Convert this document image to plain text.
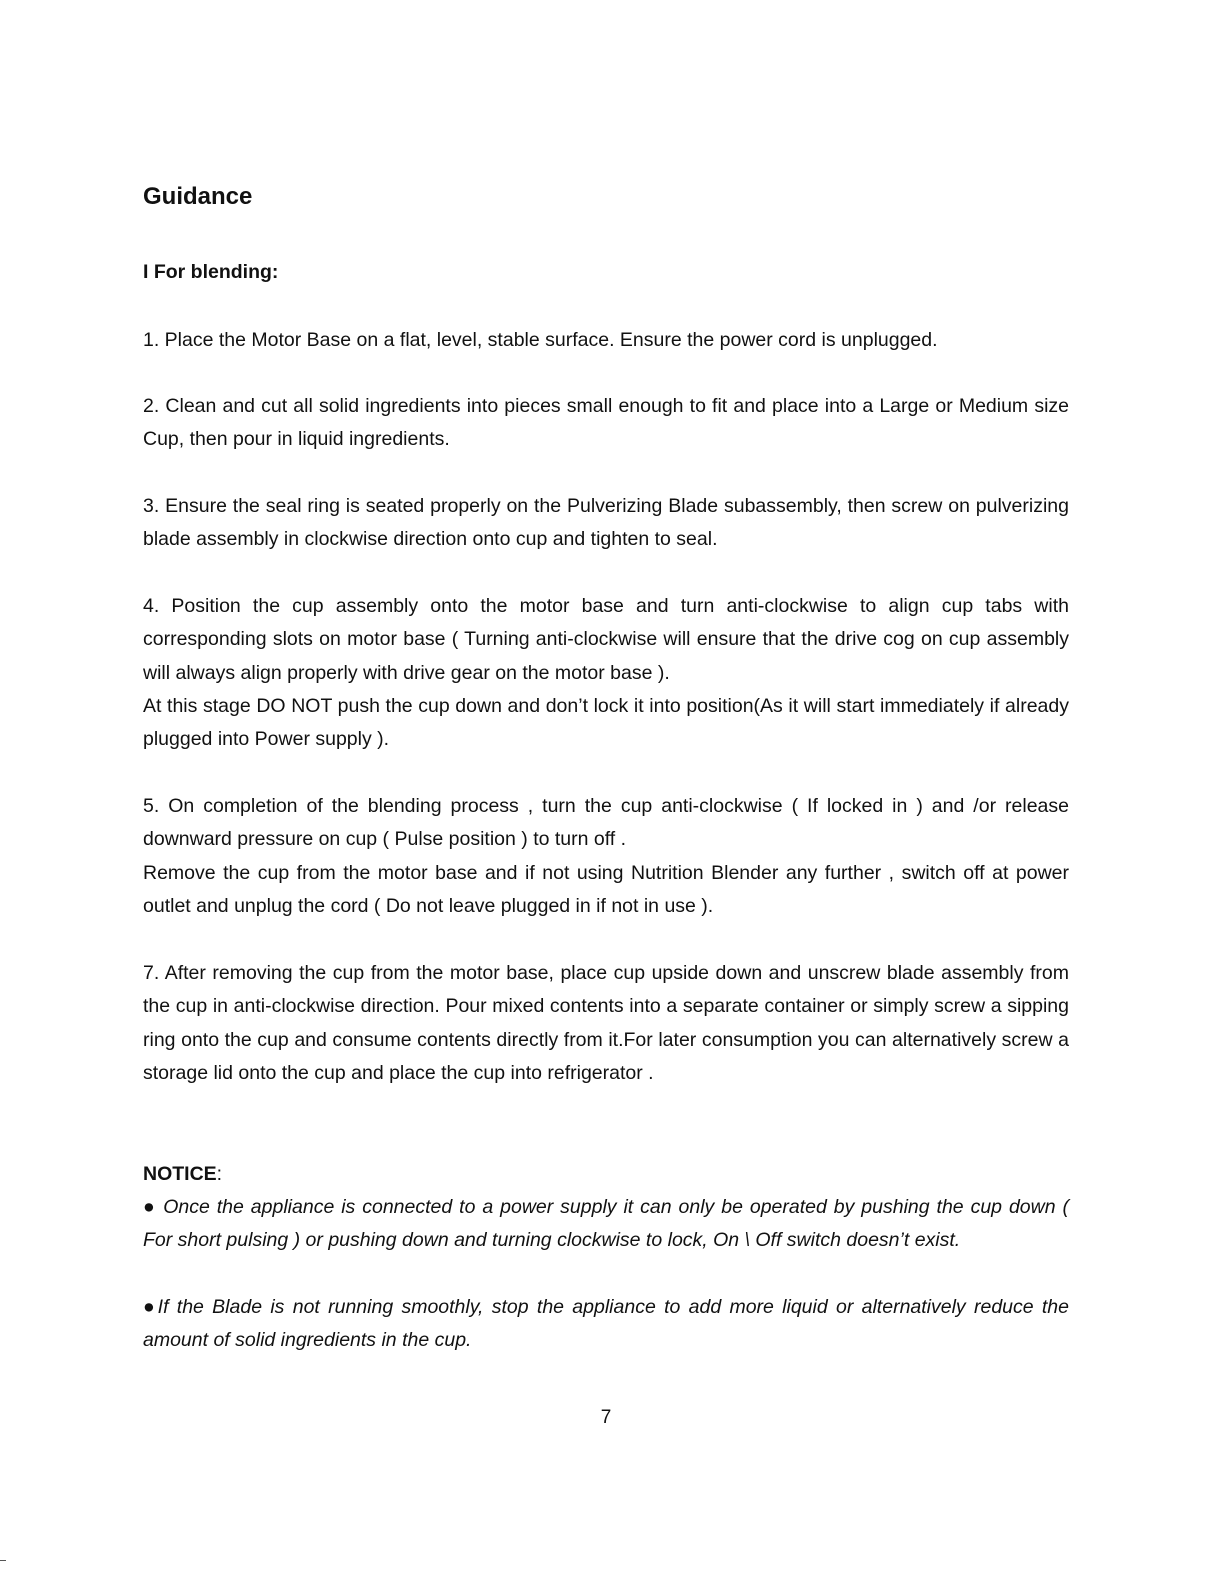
Guidance
I For blending:

1. Place the Motor Base on a flat, level, stable surface. Ensure the power cord is unplugged.

2. Clean and cut all solid ingredients into pieces small enough to fit and place into a Large or Medium size Cup, then pour in liquid ingredients.

3. Ensure the seal ring is seated properly on the Pulverizing Blade subassembly, then screw on pulverizing blade assembly in clockwise direction onto cup and tighten to seal.

4. Position the cup assembly onto the motor base and turn anti-clockwise to align cup tabs with corresponding slots on motor base ( Turning anti-clockwise will ensure that the drive cog on cup assembly will always align properly with drive gear on the motor base ).

At this stage DO NOT push the cup down and don’t lock it into position(As it will start immediately if already plugged into Power supply ).

5. On completion of the blending process , turn the cup anti-clockwise ( If locked in ) and /or release downward pressure on cup ( Pulse position ) to turn off .

Remove the cup from the motor base and if not using Nutrition Blender any further , switch off at power outlet and unplug the cord ( Do not leave plugged in if not in use ).

7. After removing the cup from the motor base, place cup upside down and unscrew blade assembly from the cup in anti-clockwise direction. Pour mixed contents into a separate container or simply screw a sipping ring onto the cup and consume contents directly from it.For later consumption you can alternatively screw a storage lid onto the cup and place the cup into refrigerator .

NOTICE:

● Once the appliance is connected to a power supply it can only be operated by pushing the cup down ( For short pulsing ) or pushing down and turning clockwise to lock, On \ Off switch doesn’t exist.

●If the Blade is not running smoothly, stop the appliance to add more liquid or alternatively reduce the amount of solid ingredients in the cup.

7
